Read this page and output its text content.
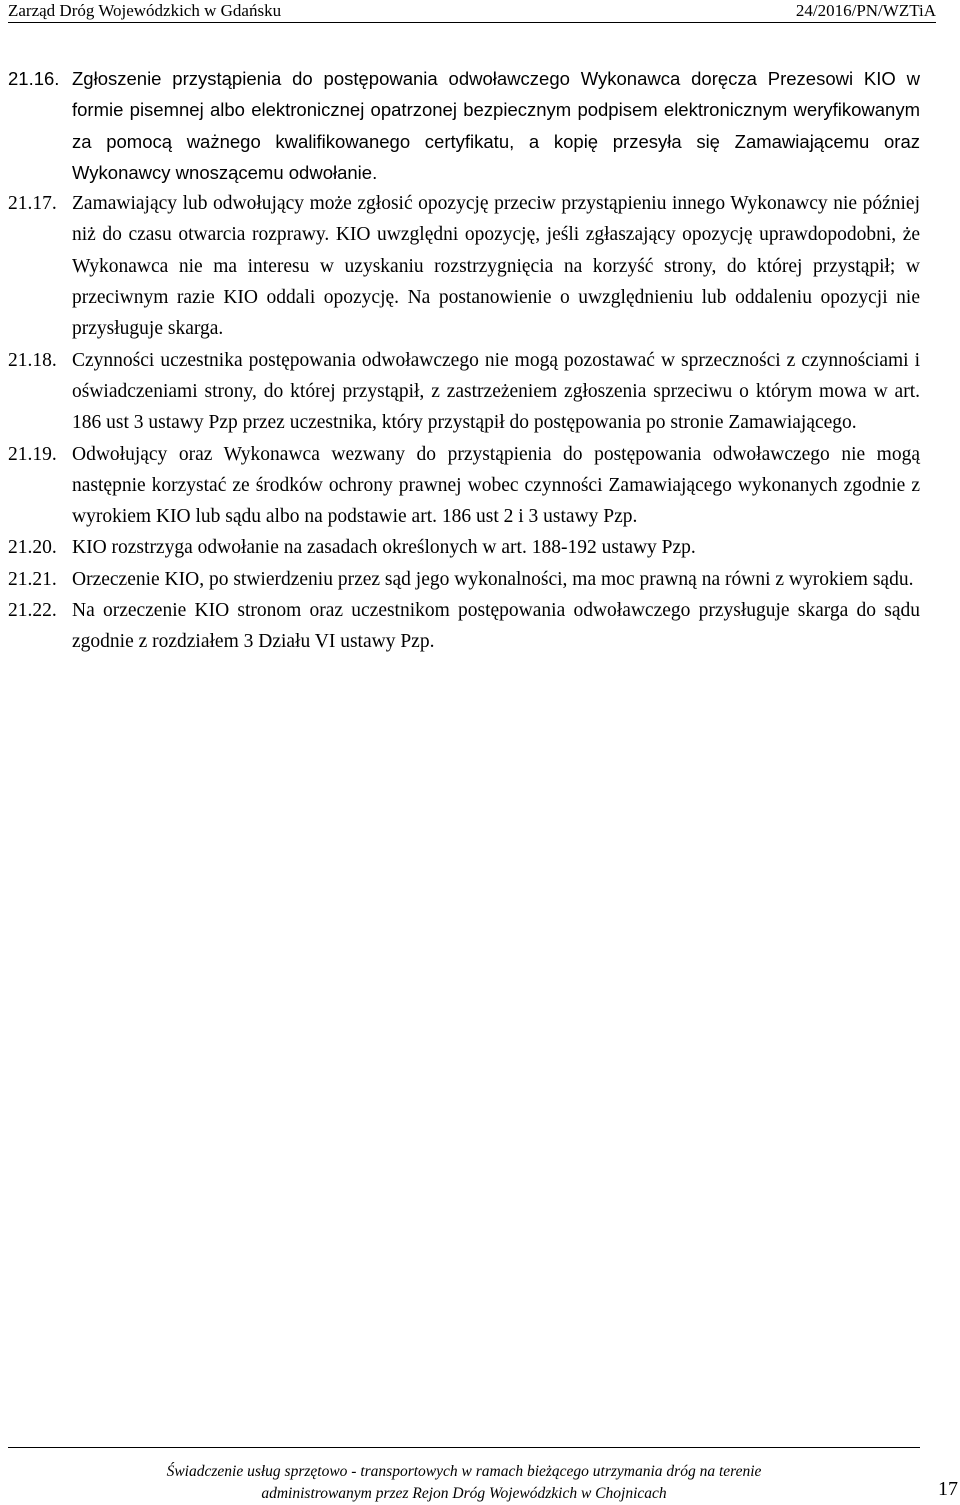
Zarząd Dróg Wojewódzkich w Gdańsku	24/2016/PN/WZTiA
21.16. Zgłoszenie przystąpienia do postępowania odwoławczego Wykonawca doręcza Prezesowi KIO w formie pisemnej albo elektronicznej opatrzonej bezpiecznym podpisem elektronicznym weryfikowanym za pomocą ważnego kwalifikowanego certyfikatu, a kopię przesyła się Zamawiającemu oraz Wykonawcy wnoszącemu odwołanie.
21.17. Zamawiający lub odwołujący może zgłosić opozycję przeciw przystąpieniu innego Wykonawcy nie później niż do czasu otwarcia rozprawy. KIO uwzględni opozycję, jeśli zgłaszający opozycję uprawdopodobni, że Wykonawca nie ma interesu w uzyskaniu rozstrzygnięcia na korzyść strony, do której przystąpił; w przeciwnym razie KIO oddali opozycję. Na postanowienie o uwzględnieniu lub oddaleniu opozycji nie przysługuje skarga.
21.18. Czynności uczestnika postępowania odwoławczego nie mogą pozostawać w sprzeczności z czynnościami i oświadczeniami strony, do której przystąpił, z zastrzeżeniem zgłoszenia sprzeciwu o którym mowa w art. 186 ust 3 ustawy Pzp przez uczestnika, który przystąpił do postępowania po stronie Zamawiającego.
21.19. Odwołujący oraz Wykonawca wezwany do przystąpienia do postępowania odwoławczego nie mogą następnie korzystać ze środków ochrony prawnej wobec czynności Zamawiającego wykonanych zgodnie z wyrokiem KIO lub sądu albo na podstawie art. 186 ust 2 i 3 ustawy Pzp.
21.20. KIO rozstrzyga odwołanie na zasadach określonych w art. 188-192 ustawy Pzp.
21.21. Orzeczenie KIO, po stwierdzeniu przez sąd jego wykonalności, ma moc prawną na równi z wyrokiem sądu.
21.22. Na orzeczenie KIO stronom oraz uczestnikom postępowania odwoławczego przysługuje skarga do sądu zgodnie z rozdziałem 3 Działu VI ustawy Pzp.
Świadczenie usług sprzętowo - transportowych w ramach bieżącego utrzymania dróg na terenie
administrowanym przez Rejon Dróg Wojewódzkich w Chojnicach	17
